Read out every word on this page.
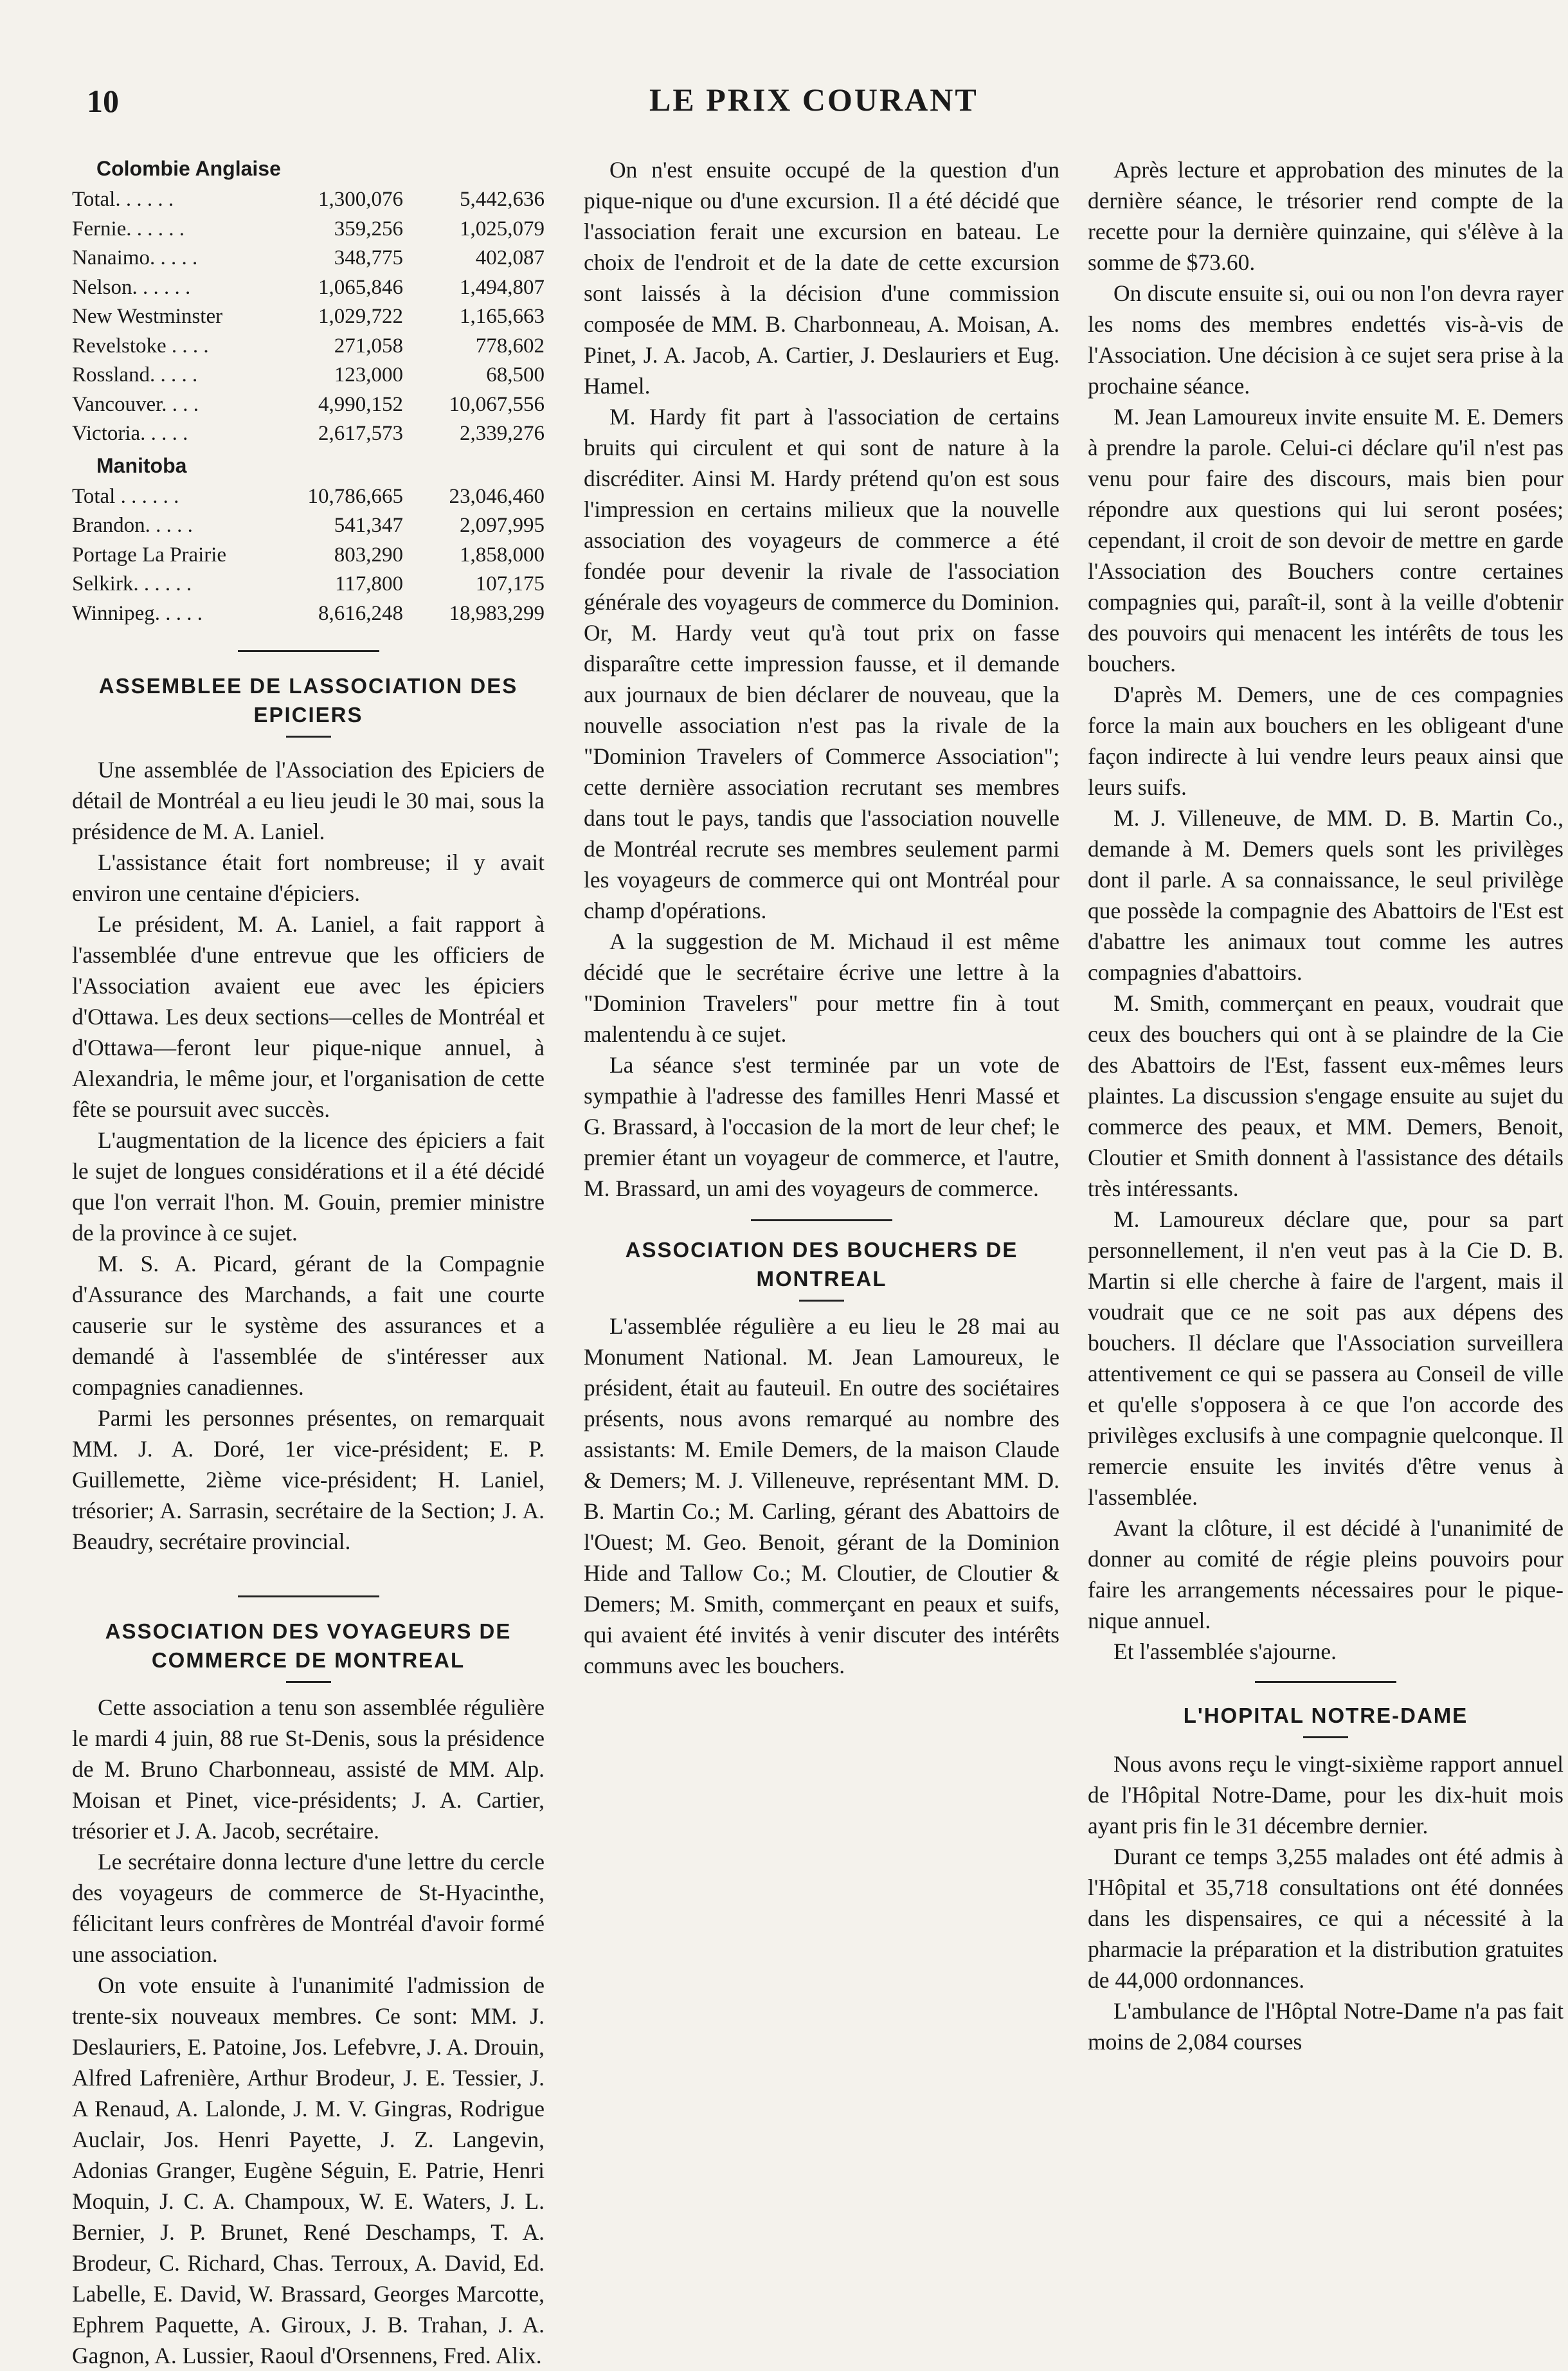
10	LE PRIX COURANT
Colombie Anglaise
Total. . . . . .	1,300,076	5,442,636
Fernie. . . . . .	359,256	1,025,079
Nanaimo. . . . .	348,775	402,087
Nelson. . . . . .	1,065,846	1,494,807
New Westminster	1,029,722	1,165,663
Revelstoke . . . .	271,058	778,602
Rossland. . . . .	123,000	68,500
Vancouver. . . .	4,990,152	10,067,556
Victoria. . . . .	2,617,573	2,339,276
Manitoba
Total . . . . . .	10,786,665	23,046,460
Brandon. . . . .	541,347	2,097,995
Portage La Prairie	803,290	1,858,000
Selkirk. . . . . .	117,800	107,175
Winnipeg. . . . .	8,616,248	18,983,299
ASSEMBLEE DE LASSOCIATION DES EPICIERS

Une assemblée de l'Association des Epiciers de détail de Montréal a eu lieu jeudi le 30 mai, sous la présidence de M. A. Laniel.

L'assistance était fort nombreuse; il y avait environ une centaine d'épiciers.

Le président, M. A. Laniel, a fait rapport à l'assemblée d'une entrevue que les officiers de l'Association avaient eue avec les épiciers d'Ottawa. Les deux sections—celles de Montréal et d'Ottawa—feront leur pique-nique annuel, à Alexandria, le même jour, et l'organisation de cette fête se poursuit avec succès.

L'augmentation de la licence des épiciers a fait le sujet de longues considérations et il a été décidé que l'on verrait l'hon. M. Gouin, premier ministre de la province à ce sujet.

M. S. A. Picard, gérant de la Compagnie d'Assurance des Marchands, a fait une courte causerie sur le système des assurances et a demandé à l'assemblée de s'intéresser aux compagnies canadiennes.

Parmi les personnes présentes, on remarquait MM. J. A. Doré, 1er vice-président; E. P. Guillemette, 2ième vice-président; H. Laniel, trésorier; A. Sarrasin, secrétaire de la Section; J. A. Beaudry, secrétaire provincial.

ASSOCIATION DES VOYAGEURS DE COMMERCE DE MONTREAL

Cette association a tenu son assemblée régulière le mardi 4 juin, 88 rue St-Denis, sous la présidence de M. Bruno Charbonneau, assisté de MM. Alp. Moisan et Pinet, vice-présidents; J. A. Cartier, trésorier et J. A. Jacob, secrétaire.

Le secrétaire donna lecture d'une lettre du cercle des voyageurs de commerce de St-Hyacinthe, félicitant leurs confrères de Montréal d'avoir formé une association.

On vote ensuite à l'unanimité l'admission de trente-six nouveaux membres. Ce sont: MM. J. Deslauriers, E. Patoine, Jos. Lefebvre, J. A. Drouin, Alfred Lafrenière, Arthur Brodeur, J. E. Tessier, J. A Renaud, A. Lalonde, J. M. V. Gingras, Rodrigue Auclair, Jos. Henri Payette, J. Z. Langevin, Adonias Granger, Eugène Séguin, E. Patrie, Henri Moquin, J. C. A. Champoux, W. E. Waters, J. L. Bernier, J. P. Brunet, René Deschamps, T. A. Brodeur, C. Richard, Chas. Terroux, A. David, Ed. Labelle, E. David, W. Brassard, Georges Marcotte, Ephrem Paquette, A. Giroux, J. B. Trahan, J. A. Gagnon, A. Lussier, Raoul d'Orsennens, Fred. Alix.

On n'est ensuite occupé de la question d'un pique-nique ou d'une excursion. Il a été décidé que l'association ferait une excursion en bateau. Le choix de l'endroit et de la date de cette excursion sont laissés à la décision d'une commission composée de MM. B. Charbonneau, A. Moisan, A. Pinet, J. A. Jacob, A. Cartier, J. Deslauriers et Eug. Hamel.

M. Hardy fit part à l'association de certains bruits qui circulent et qui sont de nature à la discréditer. Ainsi M. Hardy prétend qu'on est sous l'impression en certains milieux que la nouvelle association des voyageurs de commerce a été fondée pour devenir la rivale de l'association générale des voyageurs de commerce du Dominion. Or, M. Hardy veut qu'à tout prix on fasse disparaître cette impression fausse, et il demande aux journaux de bien déclarer de nouveau, que la nouvelle association n'est pas la rivale de la "Dominion Travelers of Commerce Association"; cette dernière association recrutant ses membres dans tout le pays, tandis que l'association nouvelle de Montréal recrute ses membres seulement parmi les voyageurs de commerce qui ont Montréal pour champ d'opérations.

A la suggestion de M. Michaud il est même décidé que le secrétaire écrive une lettre à la "Dominion Travelers" pour mettre fin à tout malentendu à ce sujet.

La séance s'est terminée par un vote de sympathie à l'adresse des familles Henri Massé et G. Brassard, à l'occasion de la mort de leur chef; le premier étant un voyageur de commerce, et l'autre, M. Brassard, un ami des voyageurs de commerce.

ASSOCIATION DES BOUCHERS DE MONTREAL

L'assemblée régulière a eu lieu le 28 mai au Monument National. M. Jean Lamoureux, le président, était au fauteuil. En outre des sociétaires présents, nous avons remarqué au nombre des assistants: M. Emile Demers, de la maison Claude & Demers; M. J. Villeneuve, représentant MM. D. B. Martin Co.; M. Carling, gérant des Abattoirs de l'Ouest; M. Geo. Benoit, gérant de la Dominion Hide and Tallow Co.; M. Cloutier, de Cloutier & Demers; M. Smith, commerçant en peaux et suifs, qui avaient été invités à venir discuter des intérêts communs avec les bouchers.

Après lecture et approbation des minutes de la dernière séance, le trésorier rend compte de la recette pour la dernière quinzaine, qui s'élève à la somme de $73.60.

On discute ensuite si, oui ou non l'on devra rayer les noms des membres endettés vis-à-vis de l'Association. Une décision à ce sujet sera prise à la prochaine séance.

M. Jean Lamoureux invite ensuite M. E. Demers à prendre la parole. Celui-ci déclare qu'il n'est pas venu pour faire des discours, mais bien pour répondre aux questions qui lui seront posées; cependant, il croit de son devoir de mettre en garde l'Association des Bouchers contre certaines compagnies qui, paraît-il, sont à la veille d'obtenir des pouvoirs qui menacent les intérêts de tous les bouchers.

D'après M. Demers, une de ces compagnies force la main aux bouchers en les obligeant d'une façon indirecte à lui vendre leurs peaux ainsi que leurs suifs.

M. J. Villeneuve, de MM. D. B. Martin Co., demande à M. Demers quels sont les privilèges dont il parle. A sa connaissance, le seul privilège que possède la compagnie des Abattoirs de l'Est est d'abattre les animaux tout comme les autres compagnies d'abattoirs.

M. Smith, commerçant en peaux, voudrait que ceux des bouchers qui ont à se plaindre de la Cie des Abattoirs de l'Est, fassent eux-mêmes leurs plaintes. La discussion s'engage ensuite au sujet du commerce des peaux, et MM. Demers, Benoit, Cloutier et Smith donnent à l'assistance des détails très intéressants.

M. Lamoureux déclare que, pour sa part personnellement, il n'en veut pas à la Cie D. B. Martin si elle cherche à faire de l'argent, mais il voudrait que ce ne soit pas aux dépens des bouchers. Il déclare que l'Association surveillera attentivement ce qui se passera au Conseil de ville et qu'elle s'opposera à ce que l'on accorde des privilèges exclusifs à une compagnie quelconque. Il remercie ensuite les invités d'être venus à l'assemblée.

Avant la clôture, il est décidé à l'unanimité de donner au comité de régie pleins pouvoirs pour faire les arrangements nécessaires pour le pique-nique annuel.

Et l'assemblée s'ajourne.

L'HOPITAL NOTRE-DAME

Nous avons reçu le vingt-sixième rapport annuel de l'Hôpital Notre-Dame, pour les dix-huit mois ayant pris fin le 31 décembre dernier.

Durant ce temps 3,255 malades ont été admis à l'Hôpital et 35,718 consultations ont été données dans les dispensaires, ce qui a nécessité à la pharmacie la préparation et la distribution gratuites de 44,000 ordonnances.

L'ambulance de l'Hôptal Notre-Dame n'a pas fait moins de 2,084 courses
